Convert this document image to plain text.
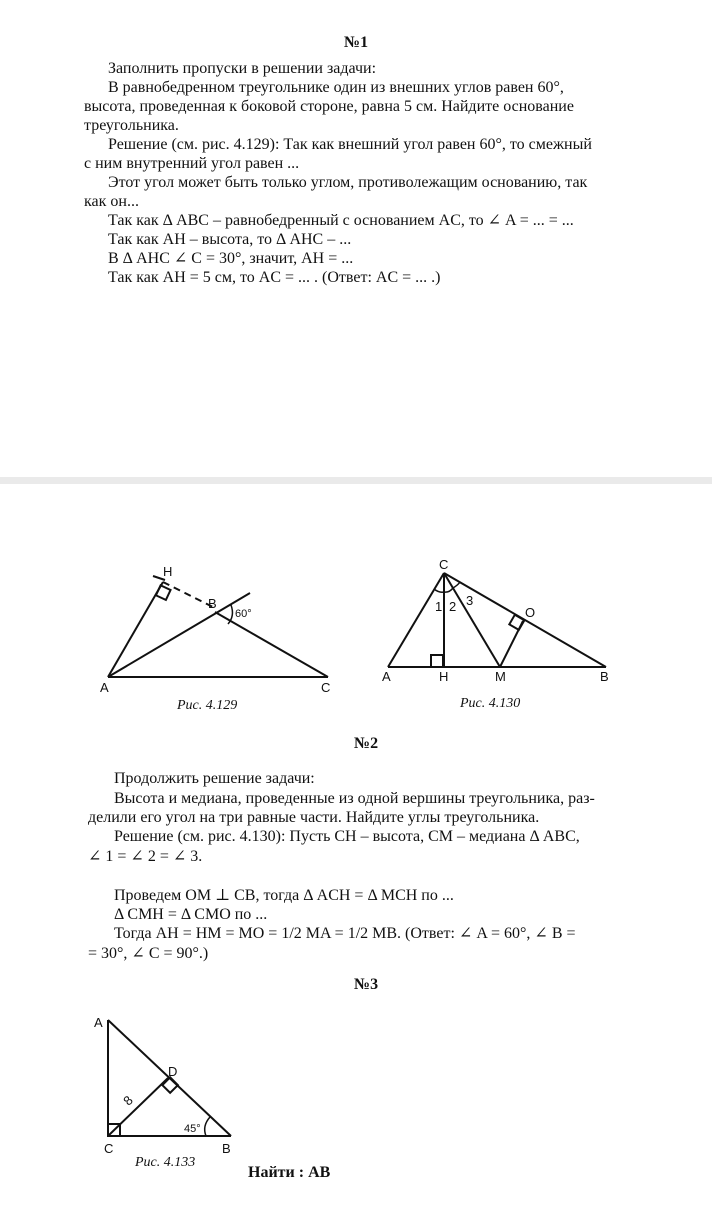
№1
Заполнить пропуски в решении задачи:
В равнобедренном треугольнике один из внешних углов равен 60°,
высота, проведенная к боковой стороне, равна 5 см. Найдите основание
треугольника.
Решение (см. рис. 4.129): Так как внешний угол равен 60°, то смежный
с ним внутренний угол равен ...
Этот угол может быть только углом, противолежащим основанию, так
как он...
Так как Δ ABC – равнобедренный с основанием AC, то ∠ A = ... = ...
Так как AH – высота, то Δ AHC – ...
В Δ AHC ∠ C = 30°, значит, AH = ...
Так как AH = 5 см, то AC = ... . (Ответ: AC = ... .)
H
B
60°
A	C
Рис. 4.129
C
1 2 3
O
A	H	M	B
Рис. 4.130
№2
Продолжить решение задачи:
Высота и медиана, проведенные из одной вершины треугольника, раз-
делили его угол на три равные части. Найдите углы треугольника.
Решение (см. рис. 4.130): Пусть CH – высота, CM – медиана Δ ABC,
∠ 1 = ∠ 2 = ∠ 3.
Проведем OM ⊥ CB, тогда Δ ACH = Δ MCH по ...
Δ CMH = Δ CMO по ...
Тогда AH = HM = MO = 1/2 MA = 1/2 MB. (Ответ: ∠ A = 60°, ∠ B =
= 30°, ∠ C = 90°.)
№3
A
D
8
45°
C	B
Рис. 4.133
Найти : AB
